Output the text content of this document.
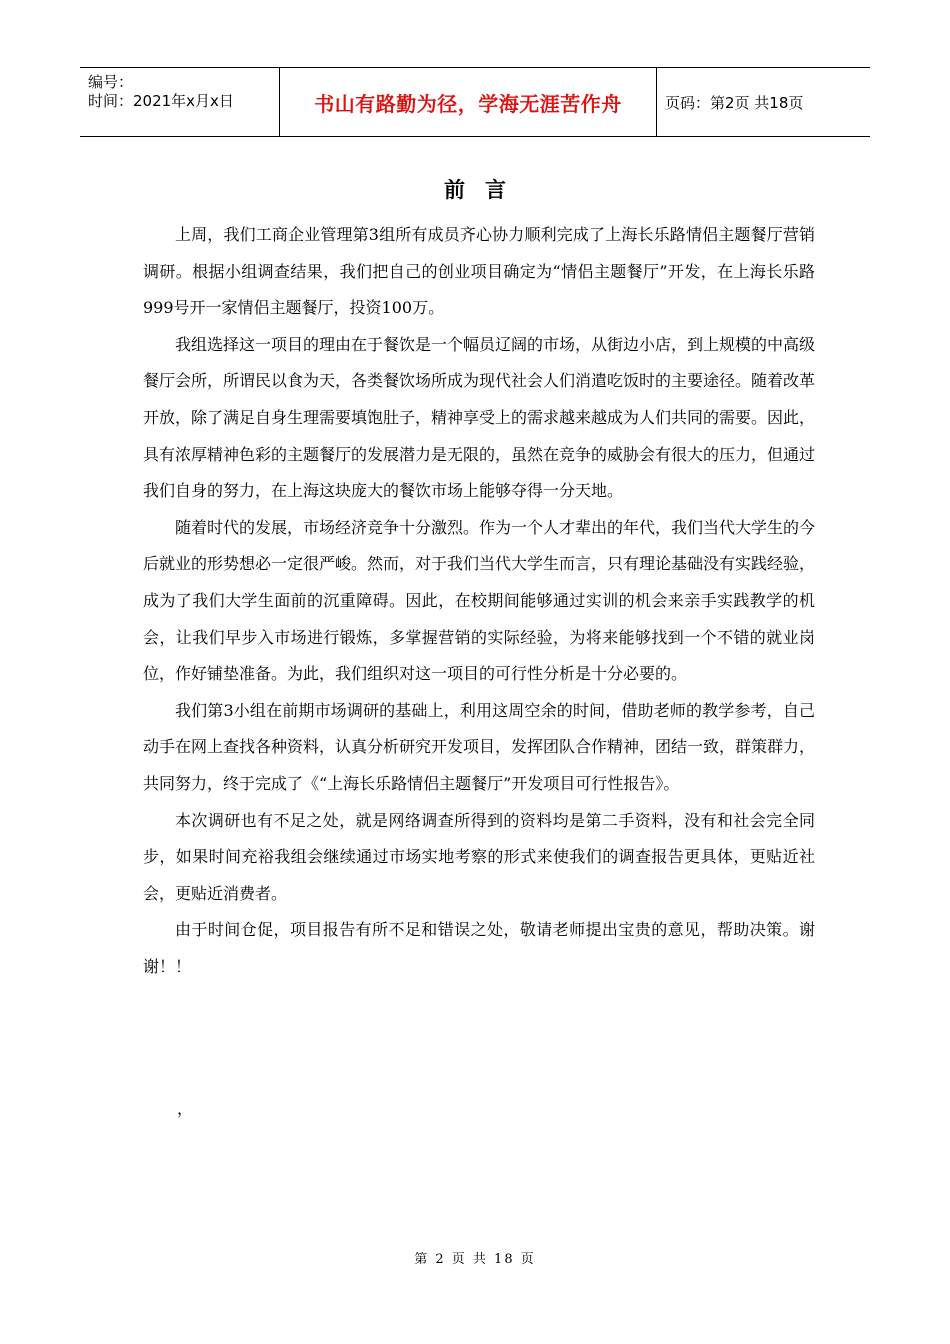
编号：
时间：2021年x月x日	书山有路勤为径，学海无涯苦作舟	页码：第2页 共18页
前言

上周，我们工商企业管理第3组所有成员齐心协力顺利完成了上海长乐路情侣主题餐厅营销调研。根据小组调查结果，我们把自己的创业项目确定为“情侣主题餐厅”开发，在上海长乐路999号开一家情侣主题餐厅，投资100万。

我组选择这一项目的理由在于餐饮是一个幅员辽阔的市场，从街边小店，到上规模的中高级餐厅会所，所谓民以食为天，各类餐饮场所成为现代社会人们消遣吃饭时的主要途径。随着改革开放，除了满足自身生理需要填饱肚子，精神享受上的需求越来越成为人们共同的需要。因此，具有浓厚精神色彩的主题餐厅的发展潜力是无限的，虽然在竞争的威胁会有很大的压力，但通过我们自身的努力，在上海这块庞大的餐饮市场上能够夺得一分天地。

随着时代的发展，市场经济竞争十分激烈。作为一个人才辈出的年代，我们当代大学生的今后就业的形势想必一定很严峻。然而，对于我们当代大学生而言，只有理论基础没有实践经验，成为了我们大学生面前的沉重障碍。因此，在校期间能够通过实训的机会来亲手实践教学的机会，让我们早步入市场进行锻炼，多掌握营销的实际经验，为将来能够找到一个不错的就业岗位，作好铺垫准备。为此，我们组织对这一项目的可行性分析是十分必要的。

我们第3小组在前期市场调研的基础上，利用这周空余的时间，借助老师的教学参考，自己动手在网上查找各种资料，认真分析研究开发项目，发挥团队合作精神，团结一致，群策群力，共同努力，终于完成了《“上海长乐路情侣主题餐厅”开发项目可行性报告》。

本次调研也有不足之处，就是网络调查所得到的资料均是第二手资料，没有和社会完全同步，如果时间充裕我组会继续通过市场实地考察的形式来使我们的调查报告更具体，更贴近社会，更贴近消费者。

由于时间仓促，项目报告有所不足和错误之处，敬请老师提出宝贵的意见，帮助决策。谢谢！！

，
第 2 页 共 18 页
